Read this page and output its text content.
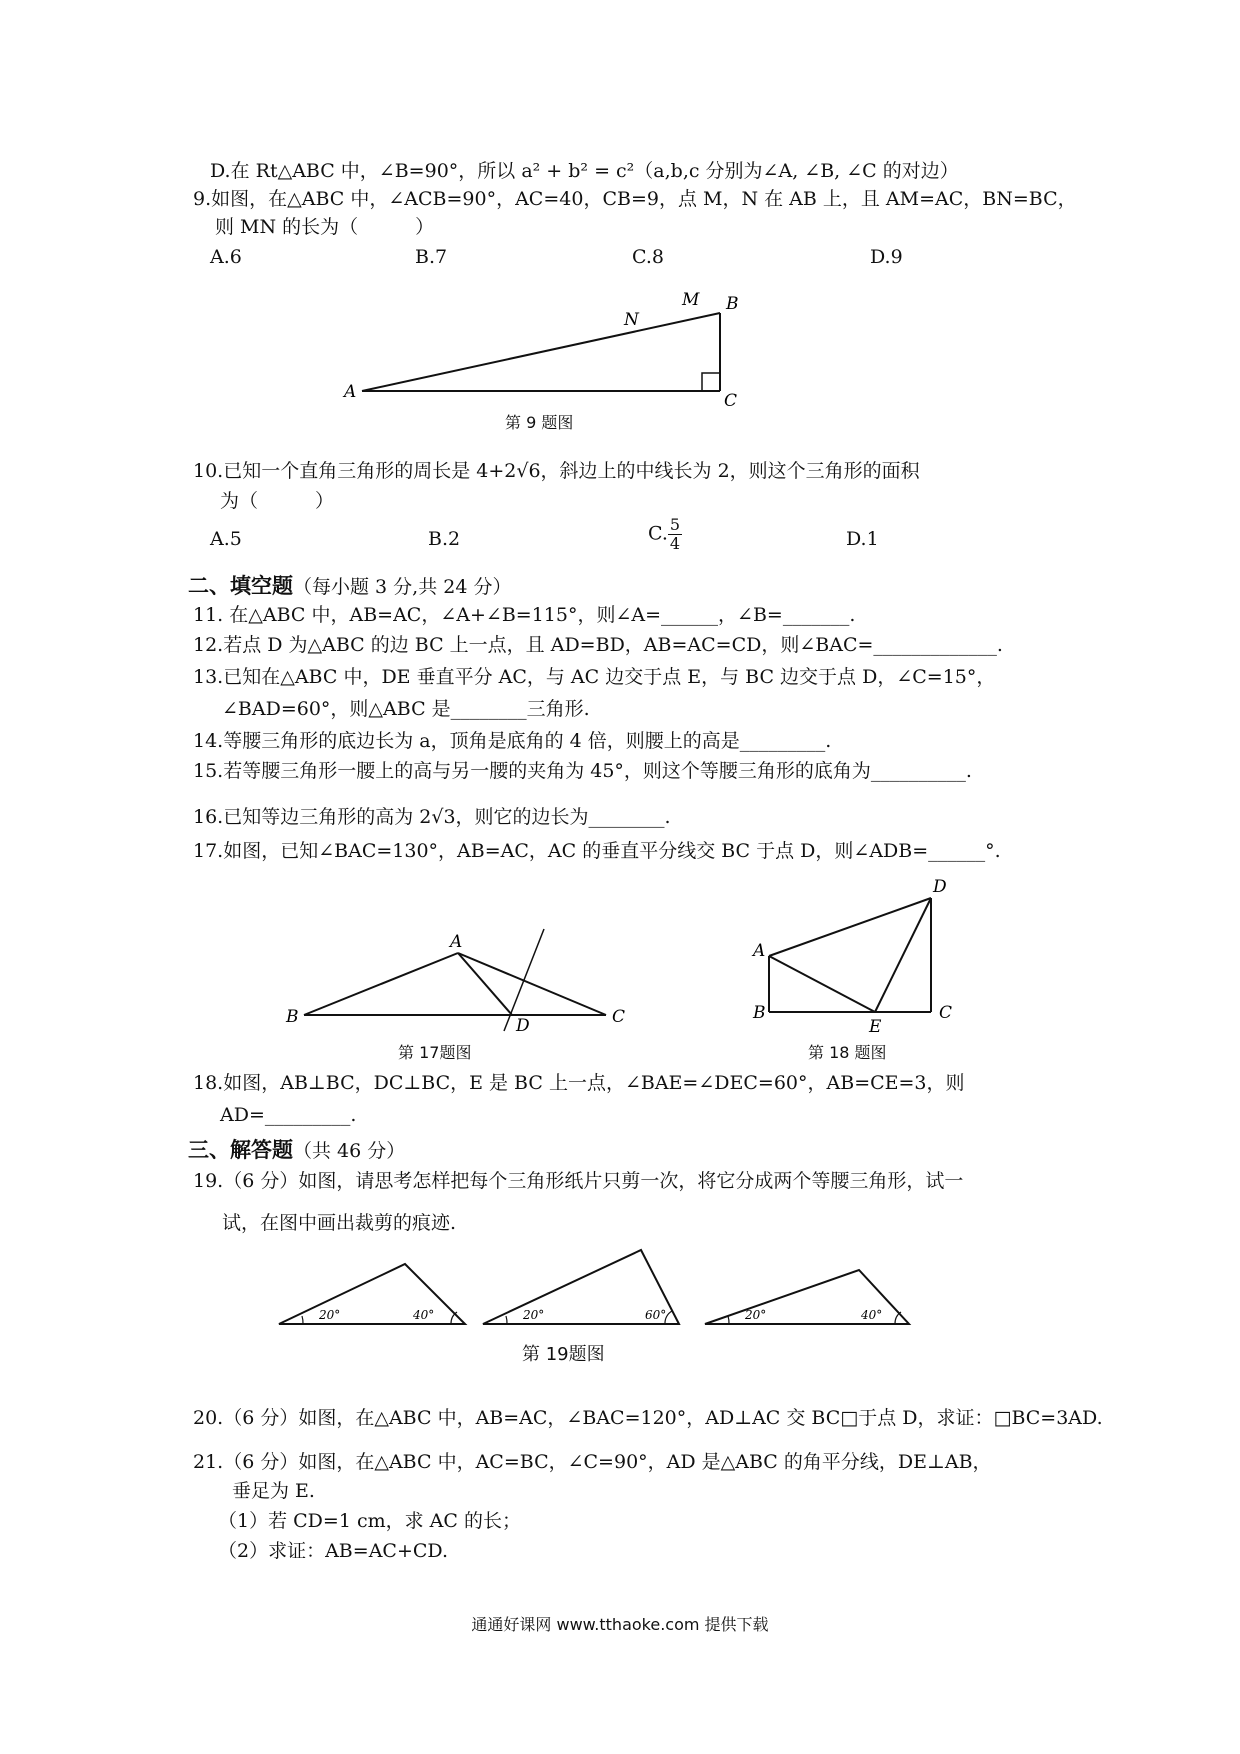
D.在 Rt△ABC 中，∠B=90°，所以 a² + b² = c²（a,b,c 分别为∠A, ∠B, ∠C 的对边）
9.如图，在△ABC 中，∠ACB=90°，AC=40，CB=9，点 M，N 在 AB 上，且 AM=AC，BN=BC，
则 MN 的长为（　　　）
A.6	B.7	C.8	D.9
A
B
C
M
N
第 9 题图
10.已知一个直角三角形的周长是 4+2√6，斜边上的中线长为 2，则这个三角形的面积
为（　　　）
A.5	B.2	C. $\frac{5}{4}$	D.1
二、填空题（每小题 3 分,共 24 分）
11. 在△ABC 中，AB=AC，∠A+∠B=115°，则∠A=______，∠B=_______.
12.若点 D 为△ABC 的边 BC 上一点，且 AD=BD，AB=AC=CD，则∠BAC=_____________.
13.已知在△ABC 中，DE 垂直平分 AC，与 AC 边交于点 E，与 BC 边交于点 D，∠C=15°，
∠BAD=60°，则△ABC 是________三角形.
14.等腰三角形的底边长为 a，顶角是底角的 4 倍，则腰上的高是_________.
15.若等腰三角形一腰上的高与另一腰的夹角为 45°，则这个等腰三角形的底角为__________.
16.已知等边三角形的高为 2√3，则它的边长为________.
17.如图，已知∠BAC=130°，AB=AC，AC 的垂直平分线交 BC 于点 D，则∠ADB=______°.
A
B	C
D
第 17题图
A
B	C
D
E
第 18 题图
18.如图，AB⊥BC，DC⊥BC，E 是 BC 上一点，∠BAE=∠DEC=60°，AB=CE=3，则
AD=_________.
三、解答题（共 46 分）
19.（6 分）如图，请思考怎样把每个三角形纸片只剪一次，将它分成两个等腰三角形，试一
试，在图中画出裁剪的痕迹.
20°	40°	20°	60°	20°	40°
第 19题图
20.（6 分）如图，在△ABC 中，AB=AC，∠BAC=120°，AD⊥AC 交 BC□于点 D，求证：□BC=3AD.
21.（6 分）如图，在△ABC 中，AC=BC，∠C=90°，AD 是△ABC 的角平分线，DE⊥AB，
垂足为 E.
（1）若 CD=1 cm，求 AC 的长；
（2）求证：AB=AC+CD.
通通好课网 www.tthaoke.com 提供下载
